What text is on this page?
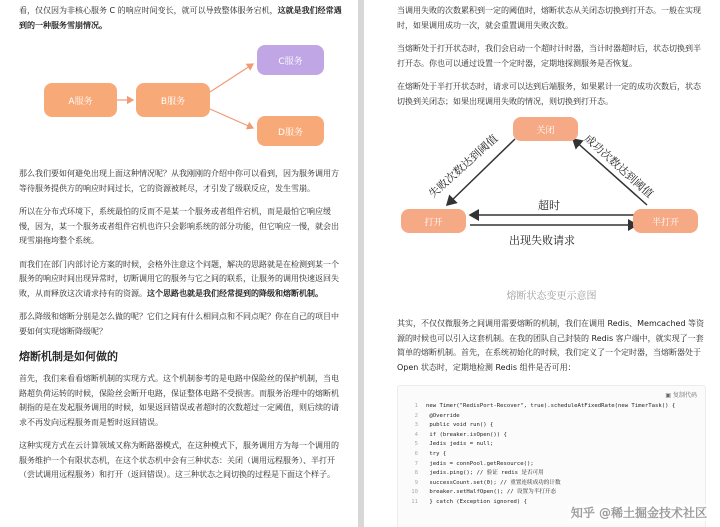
看，仅仅因为非核心服务 C 的响应时间变长，就可以导致整体服务宕机，这就是我们经常遇到的一种服务雪崩情况。

A服务	B服务
C服务
D服务

那么我们要如何避免出现上面这种情况呢？从我刚刚的介绍中你可以看到，因为服务调用方等待服务提供方的响应时间过长，它的资源被耗尽，才引发了级联反应，发生雪崩。

所以在分布式环境下，系统最怕的反而不是某一个服务或者组件宕机，而是最怕它响应缓慢，因为，某一个服务或者组件宕机也许只会影响系统的部分功能，但它响应一慢，就会出现雪崩拖垮整个系统。

而我们在部门内部讨论方案的时候，会格外注意这个问题，解决的思路就是在检测到某一个服务的响应时间出现异常时，切断调用它的服务与它之间的联系，让服务的调用快速返回失败，从而释放这次请求持有的资源。这个思路也就是我们经常提到的降级和熔断机制。

那么降级和熔断分别是怎么做的呢？它们之间有什么相同点和不同点呢？你在自己的项目中要如何实现熔断降级呢？

熔断机制是如何做的

首先，我们来看看熔断机制的实现方式。这个机制参考的是电路中保险丝的保护机制，当电路超负荷运转的时候，保险丝会断开电路，保证整体电路不受损害。而服务治理中的熔断机制指的是在发起服务调用的时候，如果返回错误或者超时的次数超过一定阈值，则后续的请求不再发向远程服务而是暂时返回错误。

这种实现方式在云计算领域又称为断路器模式，在这种模式下，服务调用方为每一个调用的服务维护一个有限状态机，在这个状态机中会有三种状态：关闭（调用远程服务）、半打开（尝试调用远程服务）和打开（返回错误）。这三种状态之间切换的过程是下面这个样子。

当调用失败的次数累积到一定的阈值时，熔断状态从关闭态切换到打开态。一般在实现时，如果调用成功一次，就会重置调用失败次数。

当熔断处于打开状态时，我们会启动一个超时计时器，当计时器超时后，状态切换到半打开态。你也可以通过设置一个定时器，定期地探测服务是否恢复。

在熔断处于半打开状态时，请求可以达到后端服务，如果累计一定的成功次数后，状态切换到关闭态；如果出现调用失败的情况，则切换到打开态。

关闭
打开	半打开
失败次数达到阈值	成功次数达到阈值
超时
出现失败请求
熔断状态变更示意图

其实，不仅仅微服务之间调用需要熔断的机制，我们在调用 Redis、Memcached 等资源的时候也可以引入这套机制。在我的团队自己封装的 Redis 客户端中，就实现了一套简单的熔断机制。首先，在系统初始化的时候，我们定义了一个定时器，当熔断器处于 Open 状态时，定期地检测 Redis 组件是否可用：

▣ 复制代码
1 new Timer("RedisPort-Recover", true).scheduleAtFixedRate(new TimerTask() {
2 @Override
3 public void run() {
4 if (breaker.isOpen()) {
5 Jedis jedis = null;
6 try {
7 jedis = connPool.getResource();
8 jedis.ping(); // 验证 redis 是否可用
9 successCount.set(0); // 重置连续成功的计数
10 breaker.setHalfOpen(); // 设置为半打开态
11 } catch (Exception ignored) {
知乎 @稀土掘金技术社区
